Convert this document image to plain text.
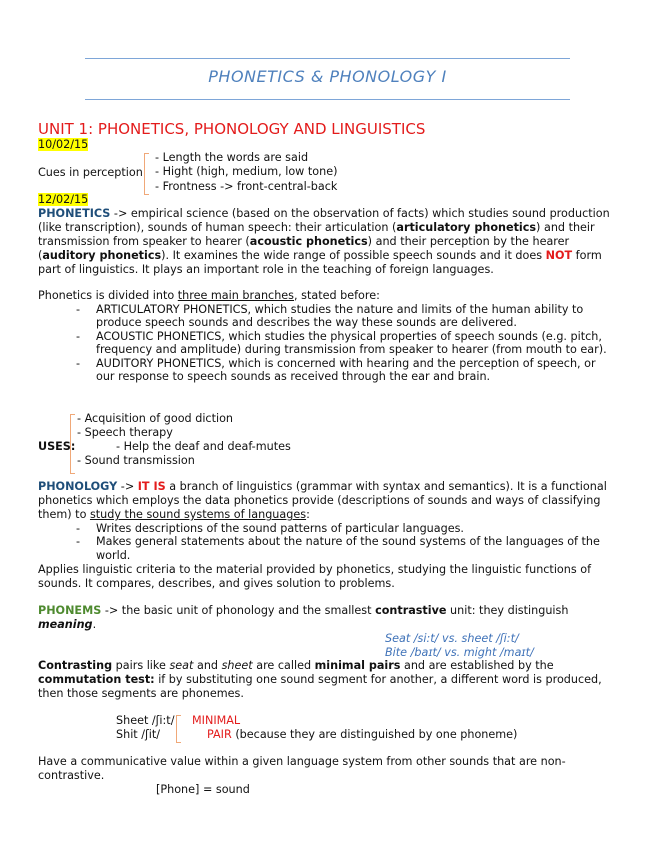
PHONETICS & PHONOLOGY I
UNIT 1: PHONETICS, PHONOLOGY AND LINGUISTICS
10/02/15
Cues in perception
- Length the words are said
- Hight (high, medium, low tone)
- Frontness -> front-central-back
12/02/15
PHONETICS -> empirical science (based on the observation of facts) which studies sound production (like transcription), sounds of human speech: their articulation (articulatory phonetics) and their transmission from speaker to hearer (acoustic phonetics) and their perception by the hearer (auditory phonetics). It examines the wide range of possible speech sounds and it does NOT form part of linguistics. It plays an important role in the teaching of foreign languages.
Phonetics is divided into three main branches, stated before:
- ARTICULATORY PHONETICS, which studies the nature and limits of the human ability to produce speech sounds and describes the way these sounds are delivered.
- ACOUSTIC PHONETICS, which studies the physical properties of speech sounds (e.g. pitch, frequency and amplitude) during transmission from speaker to hearer (from mouth to ear).
- AUDITORY PHONETICS, which is concerned with hearing and the perception of speech, or our response to speech sounds as received through the ear and brain.
- Acquisition of good diction
- Speech therapy
USES:	- Help the deaf and deaf-mutes
- Sound transmission
PHONOLOGY -> IT IS a branch of linguistics (grammar with syntax and semantics). It is a functional phonetics which employs the data phonetics provide (descriptions of sounds and ways of classifying them) to study the sound systems of languages:
- Writes descriptions of the sound patterns of particular languages.
- Makes general statements about the nature of the sound systems of the languages of the world.
Applies linguistic criteria to the material provided by phonetics, studying the linguistic functions of sounds. It compares, describes, and gives solution to problems.
PHONEMS -> the basic unit of phonology and the smallest contrastive unit: they distinguish meaning.
Seat /si:t/ vs. sheet /ʃi:t/
Bite /baɪt/ vs. might /maɪt/
Contrasting pairs like seat and sheet are called minimal pairs and are established by the commutation test: if by substituting one sound segment for another, a different word is produced, then those segments are phonemes.
Sheet /ʃi:t/
Shit /ʃit/
MINIMAL
PAIR (because they are distinguished by one phoneme)
Have a communicative value within a given language system from other sounds that are non-contrastive.
[Phone] = sound
